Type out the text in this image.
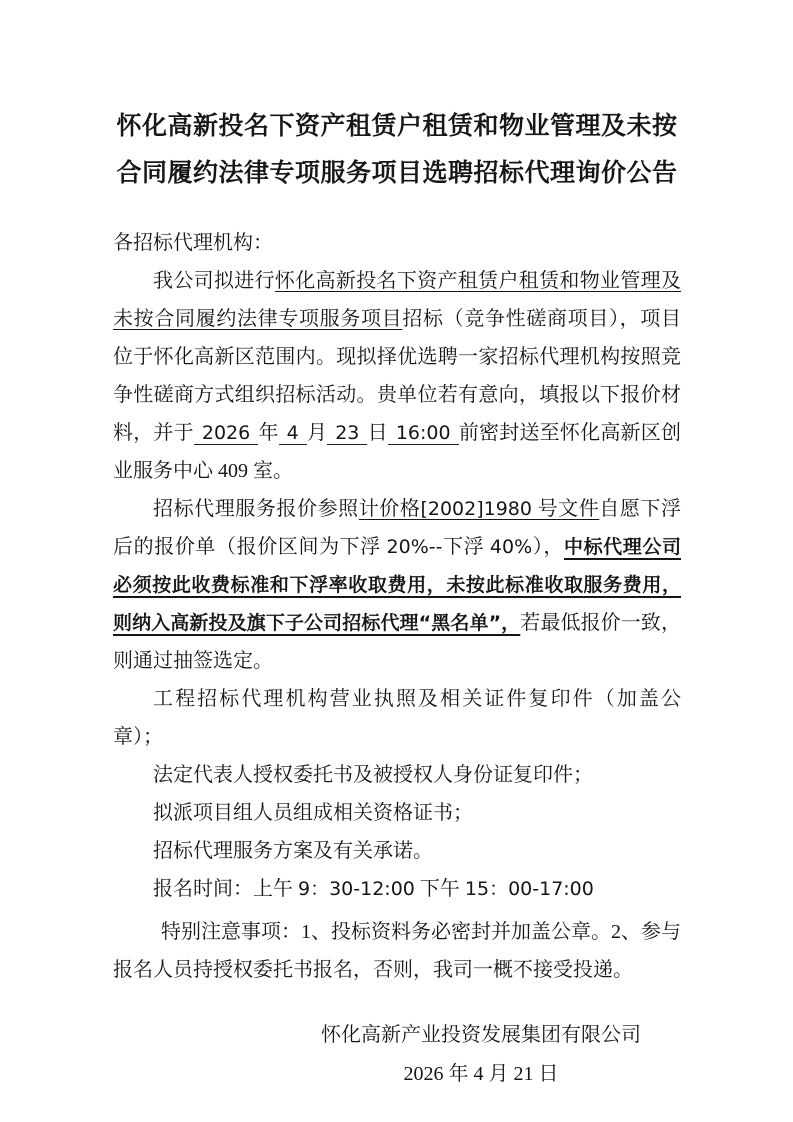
怀化高新投名下资产租赁户租赁和物业管理及未按合同履约法律专项服务项目选聘招标代理询价公告

各招标代理机构：

我公司拟进行怀化高新投名下资产租赁户租赁和物业管理及未按合同履约法律专项服务项目招标（竞争性磋商项目），项目位于怀化高新区范围内。现拟择优选聘一家招标代理机构按照竞争性磋商方式组织招标活动。贵单位若有意向，填报以下报价材料，并于 2026 年 4 月 23 日 16:00 前密封送至怀化高新区创业服务中心 409 室。

招标代理服务报价参照计价格[2002]1980 号文件自愿下浮后的报价单（报价区间为下浮 20%--下浮 40%），中标代理公司必须按此收费标准和下浮率收取费用，未按此标准收取服务费用，则纳入高新投及旗下子公司招标代理“黑名单”，若最低报价一致，则通过抽签选定。

工程招标代理机构营业执照及相关证件复印件（加盖公章）；

法定代表人授权委托书及被授权人身份证复印件；

拟派项目组人员组成相关资格证书；

招标代理服务方案及有关承诺。

报名时间：上午 9：30-12:00 下午 15：00-17:00

特别注意事项：1、投标资料务必密封并加盖公章。2、参与报名人员持授权委托书报名，否则，我司一概不接受投递。

怀化高新产业投资发展集团有限公司

2026 年 4 月 21 日
